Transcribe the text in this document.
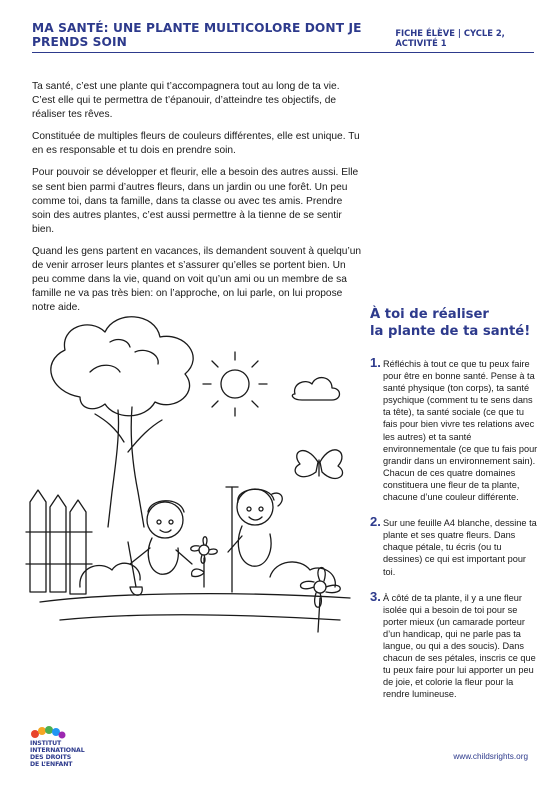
MA SANTÉ: UNE PLANTE MULTICOLORE DONT JE PRENDS SOIN
FICHE ÉLÈVE | CYCLE 2, ACTIVITÉ 1

Ta santé, c’est une plante qui t’accompagnera tout au long de ta vie. C’est elle qui te permettra de t’épanouir, d’atteindre tes objectifs, de réaliser tes rêves.

Constituée de multiples fleurs de couleurs différentes, elle est unique. Tu en es responsable et tu dois en prendre soin.

Pour pouvoir se développer et fleurir, elle a besoin des autres aussi. Elle se sent bien parmi d’autres fleurs, dans un jardin ou une forêt. Un peu comme toi, dans ta famille, dans ta classe ou avec tes amis. Prendre soin des autres plantes, c’est aussi permettre à la tienne de se sentir bien.

Quand les gens partent en vacances, ils demandent souvent à quelqu’un de venir arroser leurs plantes et s’assurer qu’elles se portent bien. Un peu comme dans la vie, quand on voit qu’un ami ou un membre de sa famille ne va pas très bien: on l’approche, on lui parle, on lui propose notre aide.	À toi de réaliser
la plante de ta santé!
1. Réfléchis à tout ce que tu peux faire pour être en bonne santé. Pense à ta santé physique (ton corps), ta santé psychique (comment tu te sens dans ta tête), ta santé sociale (ce que tu fais pour bien vivre tes relations avec les autres) et ta santé environnementale (ce que tu fais pour grandir dans un environnement sain). Chacun de ces quatre domaines constituera une fleur de ta plante, chacune d’une couleur différente.
2. Sur une feuille A4 blanche, dessine ta plante et ses quatre fleurs. Dans chaque pétale, tu écris (ou tu dessines) ce qui est important pour toi.
3. À côté de ta plante, il y a une fleur isolée qui a besoin de toi pour se porter mieux (un camarade porteur d’un handicap, qui ne parle pas ta langue, ou qui a des soucis). Dans chacun de ses pétales, inscris ce que tu peux faire pour lui apporter un peu de joie, et colorie la fleur pour la rendre lumineuse.
INSTITUT
INTERNATIONAL
DES DROITS
DE L’ENFANT
www.childsrights.org
